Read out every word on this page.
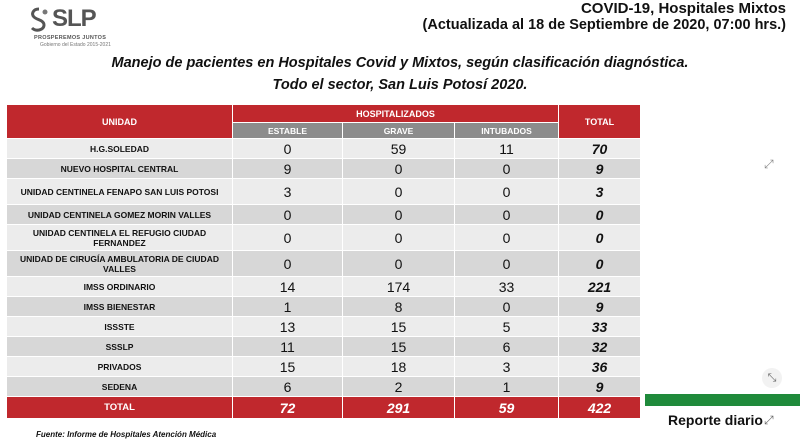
SLP
PROSPEREMOS JUNTOS
Gobierno del Estado 2015-2021
COVID-19, Hospitales Mixtos
(Actualizada al 18 de Septiembre de 2020, 07:00 hrs.)
Manejo de pacientes en Hospitales Covid y Mixtos, según clasificación diagnóstica.
Todo el sector, San Luis Potosí 2020.
Reporte diario
⤢
⤡
⤢
UNIDAD	HOSPITALIZADOS			TOTAL
	ESTABLE	GRAVE	INTUBADOS	
H.G.SOLEDAD	0	59	11	70
NUEVO HOSPITAL CENTRAL	9	0	0	9
UNIDAD CENTINELA FENAPO SAN LUIS POTOSI	3	0	0	3
UNIDAD CENTINELA GOMEZ MORIN VALLES	0	0	0	0
UNIDAD CENTINELA EL REFUGIO CIUDAD FERNANDEZ	0	0	0	0
UNIDAD DE CIRUGÍA AMBULATORIA DE CIUDAD VALLES	0	0	0	0
IMSS ORDINARIO	14	174	33	221
IMSS BIENESTAR	1	8	0	9
ISSSTE	13	15	5	33
SSSLP	11	15	6	32
PRIVADOS	15	18	3	36
SEDENA	6	2	1	9
TOTAL	72	291	59	422
Fuente: Informe de Hospitales Atención Médica
